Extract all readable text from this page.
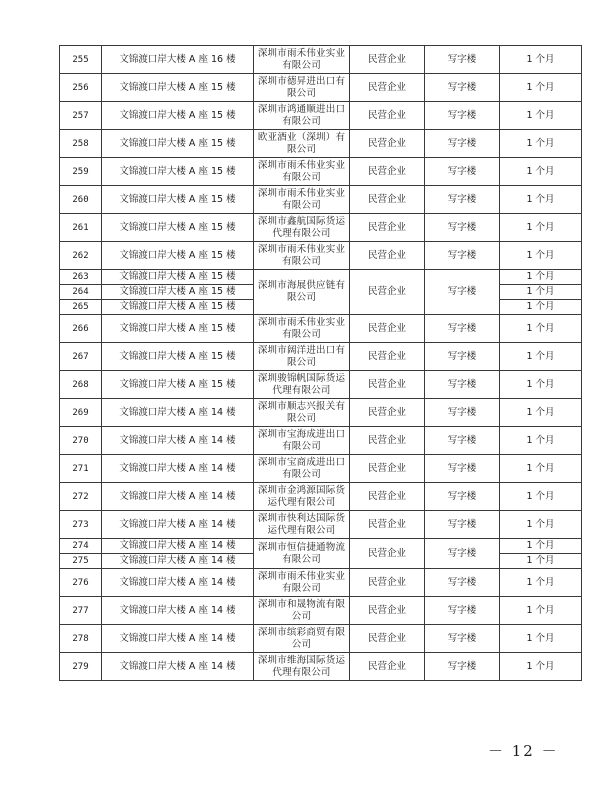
255	文锦渡口岸大楼 A 座 16 楼	深圳市雨禾伟业实业有限公司	民营企业	写字楼	1 个月
256	文锦渡口岸大楼 A 座 15 楼	深圳市德昇进出口有限公司	民营企业	写字楼	1 个月
257	文锦渡口岸大楼 A 座 15 楼	深圳市鸿通顺进出口有限公司	民营企业	写字楼	1 个月
258	文锦渡口岸大楼 A 座 15 楼	欧亚酒业（深圳）有限公司	民营企业	写字楼	1 个月
259	文锦渡口岸大楼 A 座 15 楼	深圳市雨禾伟业实业有限公司	民营企业	写字楼	1 个月
260	文锦渡口岸大楼 A 座 15 楼	深圳市雨禾伟业实业有限公司	民营企业	写字楼	1 个月
261	文锦渡口岸大楼 A 座 15 楼	深圳市鑫航国际货运代理有限公司	民营企业	写字楼	1 个月
262	文锦渡口岸大楼 A 座 15 楼	深圳市雨禾伟业实业有限公司	民营企业	写字楼	1 个月
263	文锦渡口岸大楼 A 座 15 楼	深圳市海展供应链有限公司	民营企业	写字楼	1 个月
264	文锦渡口岸大楼 A 座 15 楼				1 个月
265	文锦渡口岸大楼 A 座 15 楼				1 个月
266	文锦渡口岸大楼 A 座 15 楼	深圳市雨禾伟业实业有限公司	民营企业	写字楼	1 个月
267	文锦渡口岸大楼 A 座 15 楼	深圳市阔洋进出口有限公司	民营企业	写字楼	1 个月
268	文锦渡口岸大楼 A 座 15 楼	深圳骏锦帆国际货运代理有限公司	民营企业	写字楼	1 个月
269	文锦渡口岸大楼 A 座 14 楼	深圳市顺志兴报关有限公司	民营企业	写字楼	1 个月
270	文锦渡口岸大楼 A 座 14 楼	深圳市宝海成进出口有限公司	民营企业	写字楼	1 个月
271	文锦渡口岸大楼 A 座 14 楼	深圳市宝商成进出口有限公司	民营企业	写字楼	1 个月
272	文锦渡口岸大楼 A 座 14 楼	深圳市金鸿源国际货运代理有限公司	民营企业	写字楼	1 个月
273	文锦渡口岸大楼 A 座 14 楼	深圳市快利达国际货运代理有限公司	民营企业	写字楼	1 个月
274	文锦渡口岸大楼 A 座 14 楼	深圳市恒信捷通物流有限公司	民营企业	写字楼	1 个月
275	文锦渡口岸大楼 A 座 14 楼				1 个月
276	文锦渡口岸大楼 A 座 14 楼	深圳市雨禾伟业实业有限公司	民营企业	写字楼	1 个月
277	文锦渡口岸大楼 A 座 14 楼	深圳市和晟物流有限公司	民营企业	写字楼	1 个月
278	文锦渡口岸大楼 A 座 14 楼	深圳市缤彩商贸有限公司	民营企业	写字楼	1 个月
279	文锦渡口岸大楼 A 座 14 楼	深圳市维海国际货运代理有限公司	民营企业	写字楼	1 个月
－ 12 －
